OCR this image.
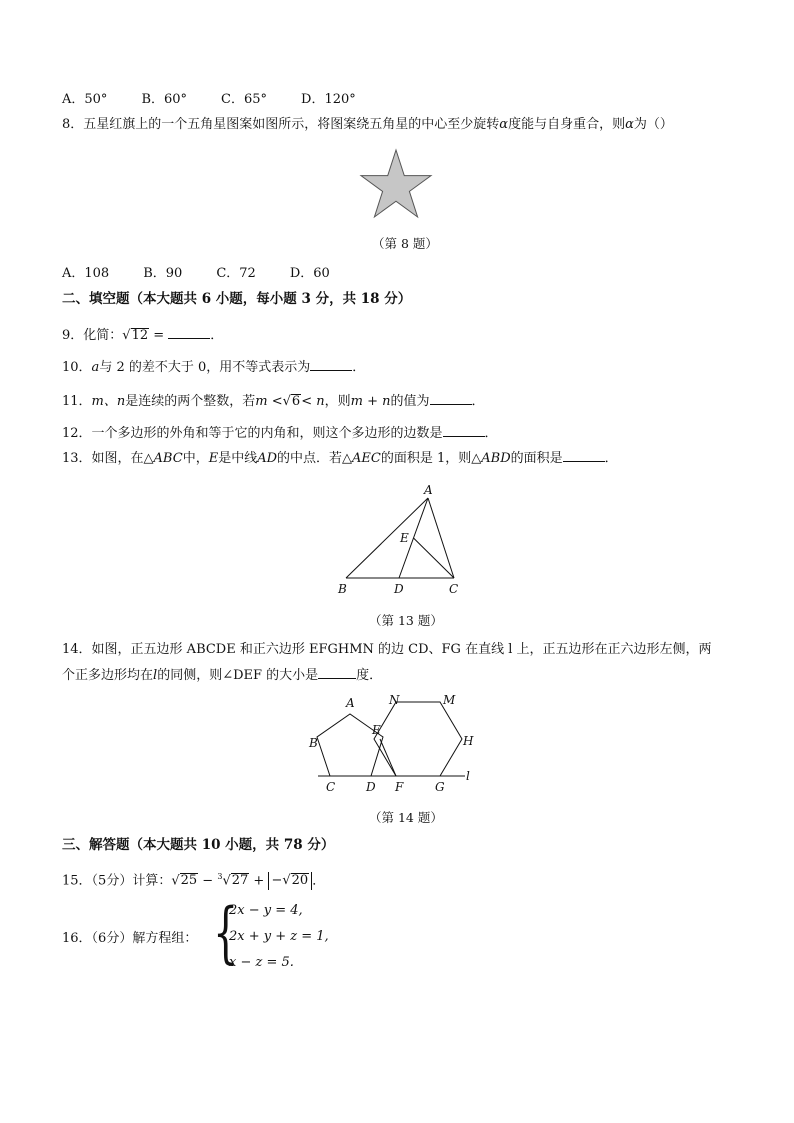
A．50°	B．60°	C．65°	D．120°
8．五星红旗上的一个五角星图案如图所示，将图案绕五角星的中心至少旋转α度能与自身重合，则α为（）
（第 8 题）
A．108	B．90	C．72	D．60
二、填空题（本大题共 6 小题，每小题 3 分，共 18 分）
9．化简：√12 =	．
10．a与 2 的差不大于 0，用不等式表示为	．
11．m、n是连续的两个整数，若m <√6< n，则m + n的值为	．
12．一个多边形的外角和等于它的内角和，则这个多边形的边数是	．
13．如图，在△ABC中，E是中线AD的中点．若△AEC的面积是 1，则△ABD的面积是	．
A
E
B	D	C
（第 13 题）
14．如图，正五边形 ABCDE 和正六边形 EFGHMN 的边 CD、FG 在直线 l 上，正五边形在正六边形左侧，两
个正多边形均在l的同侧，则∠DEF 的大小是	度．
A
B
E
N	M
H
C	D F	G
l
（第 14 题）
三、解答题（本大题共 10 小题，共 78 分）
15．（5分）计算：√25 − $^3$√27 + −√20 ．
16．（6分）解方程组： {
2x − y = 4,
2x + y + z = 1,
x − z = 5.
